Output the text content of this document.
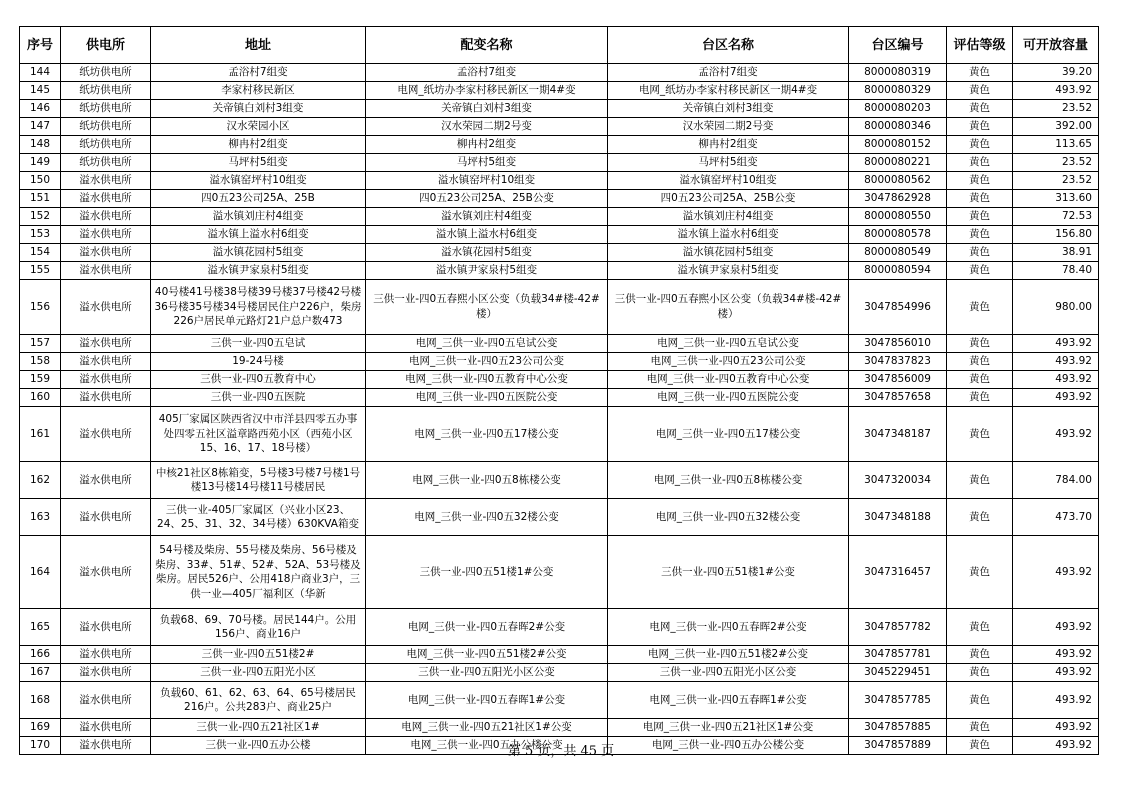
序号	供电所	地址	配变名称	台区名称	台区编号	评估等级	可开放容量
144	纸坊供电所	孟浴村7组变	孟浴村7组变	孟浴村7组变	8000080319	黄色	39.20
145	纸坊供电所	李家村移民新区	电网_纸坊办李家村移民新区一期4#变	电网_纸坊办李家村移民新区一期4#变	8000080329	黄色	493.92
146	纸坊供电所	关帝镇白刘村3组变	关帝镇白刘村3组变	关帝镇白刘村3组变	8000080203	黄色	23.52
147	纸坊供电所	汉水荣园小区	汉水荣园二期2号变	汉水荣园二期2号变	8000080346	黄色	392.00
148	纸坊供电所	柳冉村2组变	柳冉村2组变	柳冉村2组变	8000080152	黄色	113.65
149	纸坊供电所	马坪村5组变	马坪村5组变	马坪村5组变	8000080221	黄色	23.52
150	溢水供电所	溢水镇窑坪村10组变	溢水镇窑坪村10组变	溢水镇窑坪村10组变	8000080562	黄色	23.52
151	溢水供电所	四0五23公司25A、25B	四0五23公司25A、25B公变	四0五23公司25A、25B公变	3047862928	黄色	313.60
152	溢水供电所	溢水镇刘庄村4组变	溢水镇刘庄村4组变	溢水镇刘庄村4组变	8000080550	黄色	72.53
153	溢水供电所	溢水镇上溢水村6组变	溢水镇上溢水村6组变	溢水镇上溢水村6组变	8000080578	黄色	156.80
154	溢水供电所	溢水镇花园村5组变	溢水镇花园村5组变	溢水镇花园村5组变	8000080549	黄色	38.91
155	溢水供电所	溢水镇尹家泉村5组变	溢水镇尹家泉村5组变	溢水镇尹家泉村5组变	8000080594	黄色	78.40
156	溢水供电所	40号楼41号楼38号楼39号楼37号楼42号楼36号楼35号楼34号楼居民住户226户，柴房226户居民单元路灯21户总户数473	三供一业-四0五春熙小区公变（负载34#楼-42#楼）	三供一业-四0五春熙小区公变（负载34#楼-42#楼）	3047854996	黄色	980.00
157	溢水供电所	三供一业-四0五皂试	电网_三供一业-四0五皂试公变	电网_三供一业-四0五皂试公变	3047856010	黄色	493.92
158	溢水供电所	19-24号楼	电网_三供一业-四0五23公司公变	电网_三供一业-四0五23公司公变	3047837823	黄色	493.92
159	溢水供电所	三供一业-四0五教育中心	电网_三供一业-四0五教育中心公变	电网_三供一业-四0五教育中心公变	3047856009	黄色	493.92
160	溢水供电所	三供一业-四0五医院	电网_三供一业-四0五医院公变	电网_三供一业-四0五医院公变	3047857658	黄色	493.92
161	溢水供电所	405厂家属区陕西省汉中市洋县四零五办事处四零五社区溢章路西苑小区（西苑小区15、16、17、18号楼）	电网_三供一业-四0五17楼公变	电网_三供一业-四0五17楼公变	3047348187	黄色	493.92
162	溢水供电所	中核21社区8栋箱变，5号楼3号楼7号楼1号楼13号楼14号楼11号楼居民	电网_三供一业-四0五8栋楼公变	电网_三供一业-四0五8栋楼公变	3047320034	黄色	784.00
163	溢水供电所	三供一业-405厂家属区（兴业小区23、24、25、31、32、34号楼）630KVA箱变	电网_三供一业-四0五32楼公变	电网_三供一业-四0五32楼公变	3047348188	黄色	473.70
164	溢水供电所	54号楼及柴房、55号楼及柴房、56号楼及柴房、33#、51#、52#、52A、53号楼及柴房。居民526户、公用418户商业3户，三供一业—405厂福利区（华新	三供一业-四0五51楼1#公变	三供一业-四0五51楼1#公变	3047316457	黄色	493.92
165	溢水供电所	负载68、69、70号楼。居民144户。公用156户、商业16户	电网_三供一业-四0五春晖2#公变	电网_三供一业-四0五春晖2#公变	3047857782	黄色	493.92
166	溢水供电所	三供一业-四0五51楼2#	电网_三供一业-四0五51楼2#公变	电网_三供一业-四0五51楼2#公变	3047857781	黄色	493.92
167	溢水供电所	三供一业-四0五阳光小区	三供一业-四0五阳光小区公变	三供一业-四0五阳光小区公变	3045229451	黄色	493.92
168	溢水供电所	负载60、61、62、63、64、65号楼居民216户。公共283户、商业25户	电网_三供一业-四0五春晖1#公变	电网_三供一业-四0五春晖1#公变	3047857785	黄色	493.92
169	溢水供电所	三供一业-四0五21社区1#	电网_三供一业-四0五21社区1#公变	电网_三供一业-四0五21社区1#公变	3047857885	黄色	493.92
170	溢水供电所	三供一业-四0五办公楼	电网_三供一业-四0五办公楼公变	电网_三供一业-四0五办公楼公变	3047857889	黄色	493.92
第 5 页，共 45 页
